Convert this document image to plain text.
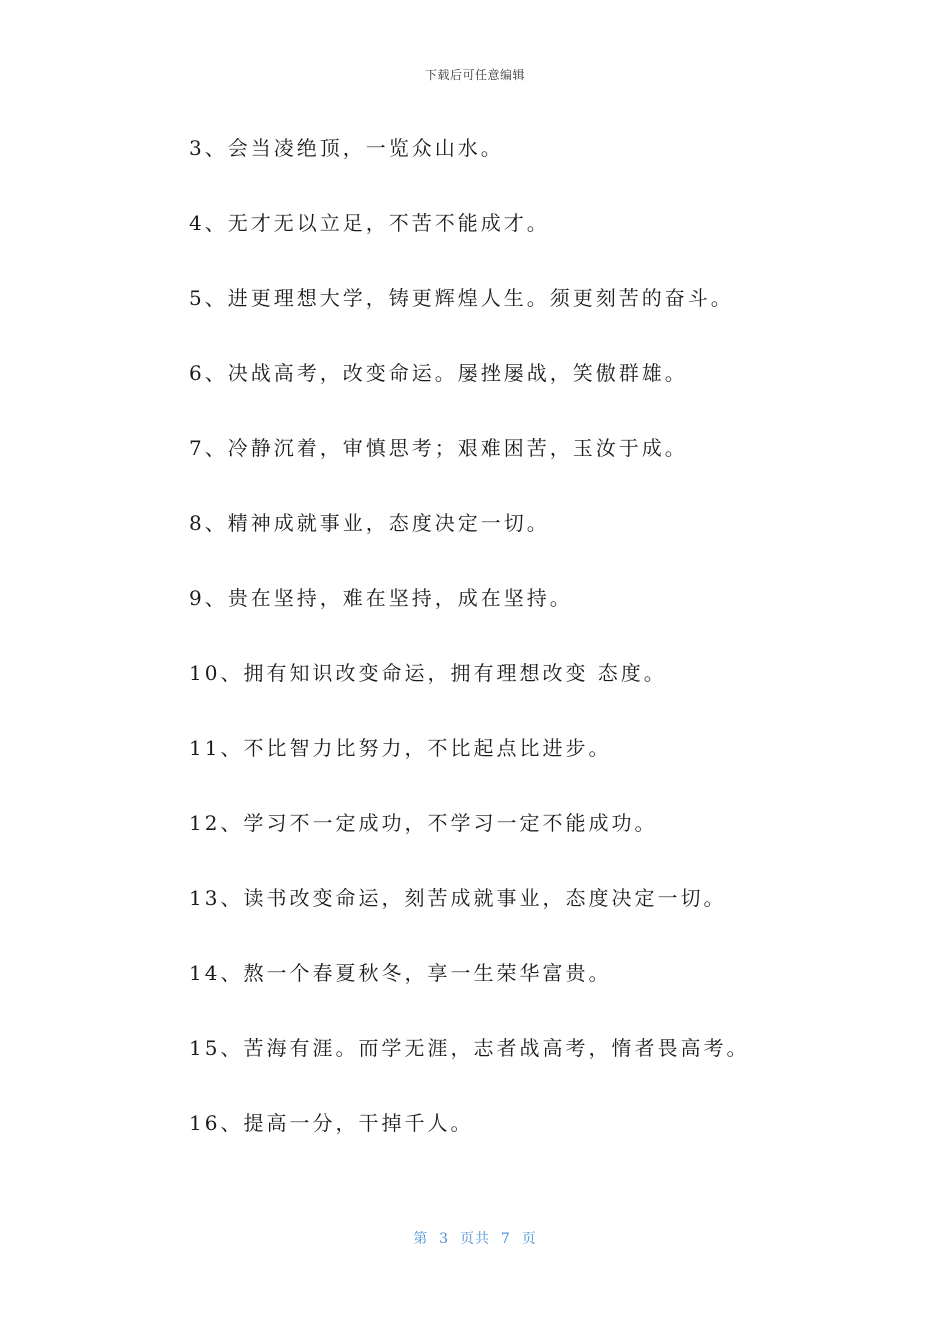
下载后可任意编辑
3、会当凌绝顶，一览众山水。
4、无才无以立足，不苦不能成才。
5、进更理想大学，铸更辉煌人生。须更刻苦的奋斗。
6、决战高考，改变命运。屡挫屡战，笑傲群雄。
7、冷静沉着，审慎思考；艰难困苦，玉汝于成。
8、精神成就事业，态度决定一切。
9、贵在坚持，难在坚持，成在坚持。
10、拥有知识改变命运，拥有理想改变 态度。
11、不比智力比努力，不比起点比进步。
12、学习不一定成功，不学习一定不能成功。
13、读书改变命运，刻苦成就事业，态度决定一切。
14、熬一个春夏秋冬，享一生荣华富贵。
15、苦海有涯。而学无涯，志者战高考，惰者畏高考。
16、提高一分，干掉千人。
第  3  页共  7  页
